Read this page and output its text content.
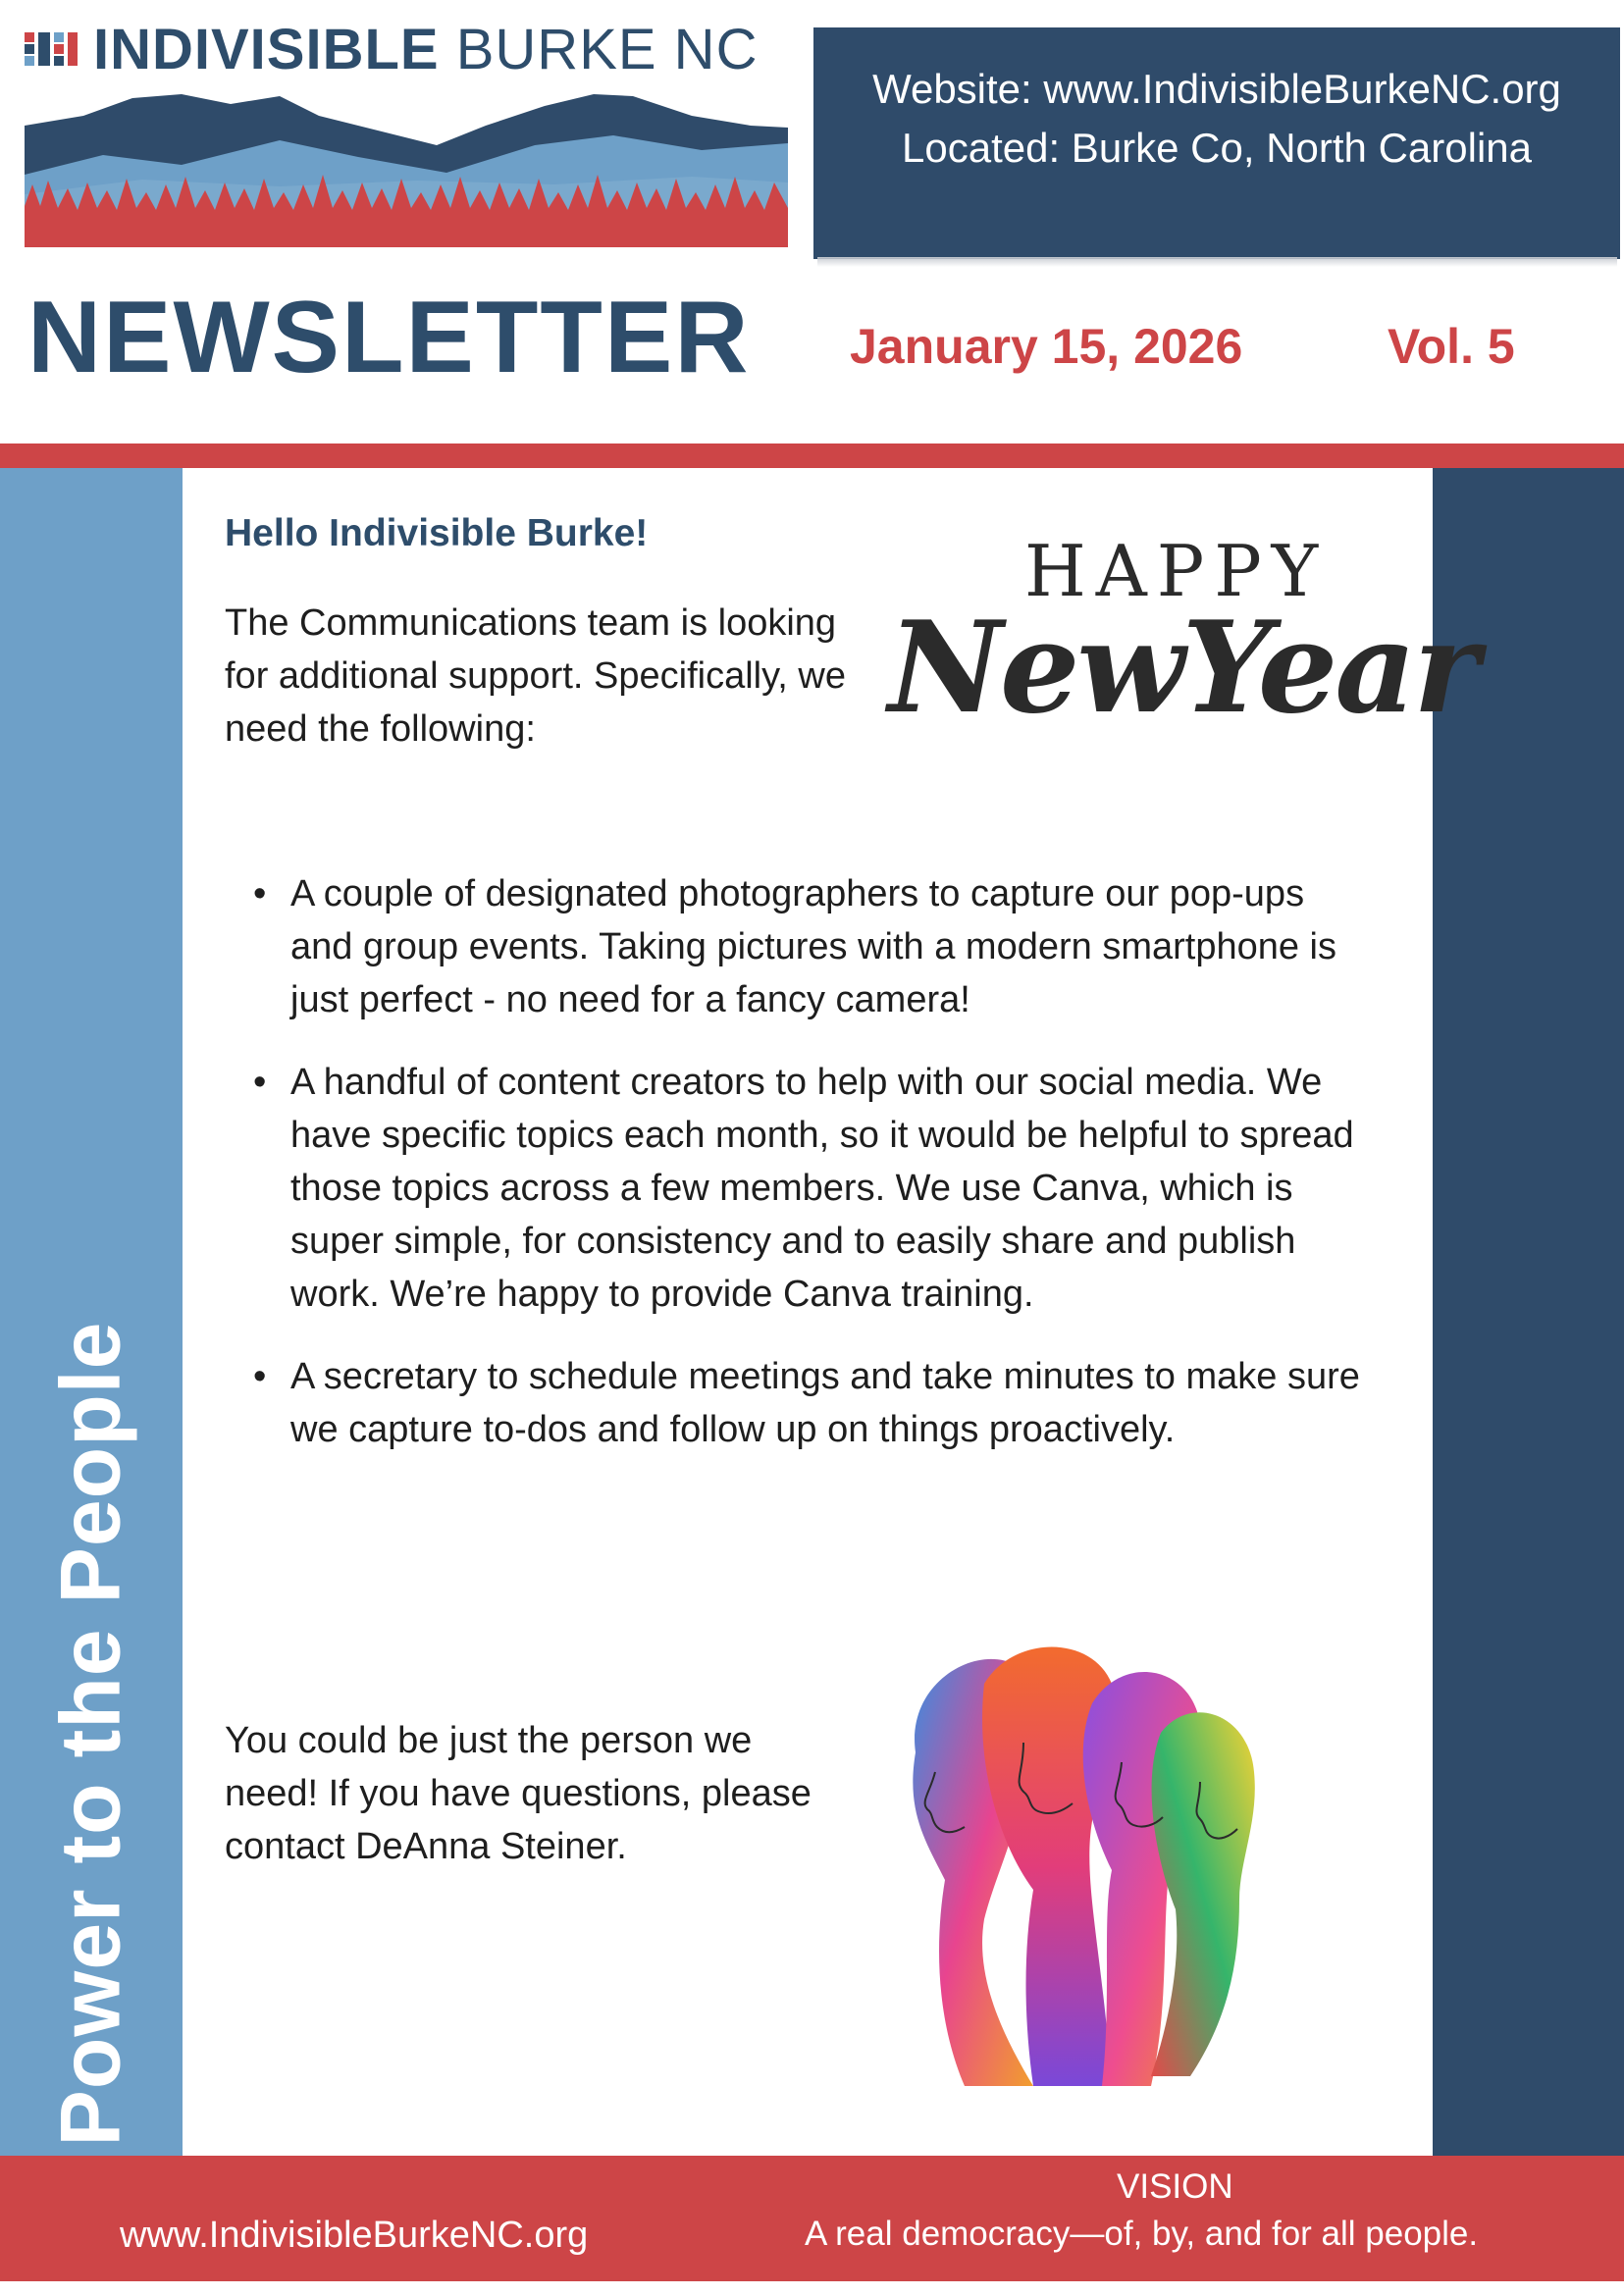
INDIVISIBLE BURKE NC
Website: www.IndivisibleBurkeNC.org
Located: Burke Co, North Carolina
NEWSLETTER January 15, 2026	Vol. 5
Power to the People
Hello Indivisible Burke!

The Communications team is looking for additional support. Specifically, we need the following:

HAPPY
NewYear
• A couple of designated photographers to capture our pop-ups and group events. Taking pictures with a modern smartphone is just perfect - no need for a fancy camera!
• A handful of content creators to help with our social media. We have specific topics each month, so it would be helpful to spread those topics across a few members. We use Canva, which is super simple, for consistency and to easily share and publish work. We’re happy to provide Canva training.
• A secretary to schedule meetings and take minutes to make sure we capture to-dos and follow up on things proactively.

You could be just the person we need! If you have questions, please contact DeAnna Steiner.

www.IndivisibleBurkeNC.org
VISION
A real democracy—of, by, and for all people.
